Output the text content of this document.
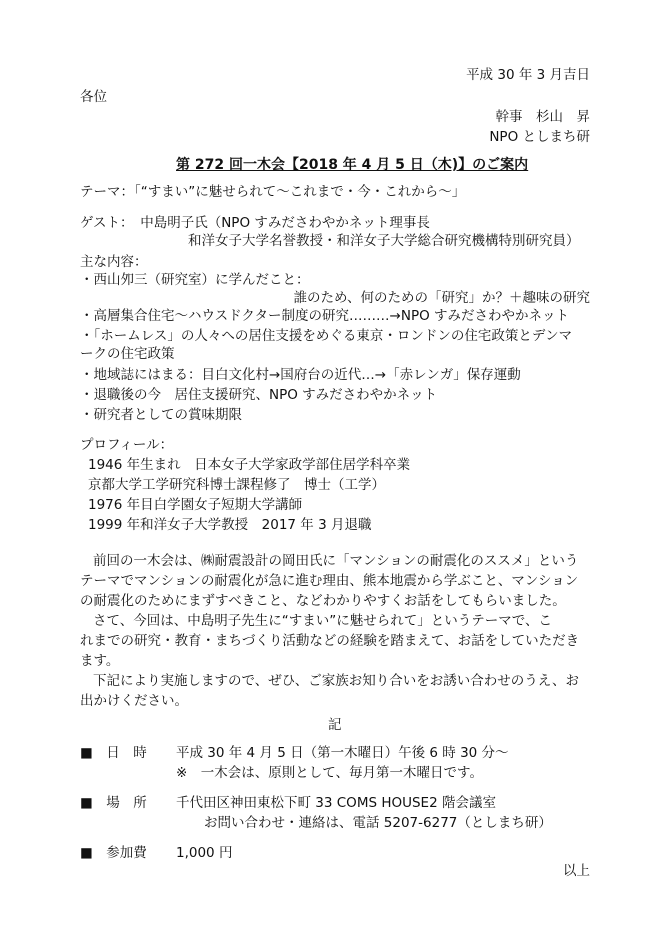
平成 30 年 3 月吉日
各位
幹事　杉山　昇
NPO としまち研
第 272 回一木会【2018 年 4 月 5 日（木)】のご案内
テーマ：「“すまい”に魅せられて〜これまで・今・これから〜」
ゲスト：　中島明子氏（NPO すみださわやかネット理事長
和洋女子大学名誉教授・和洋女子大学総合研究機構特別研究員）
主な内容：
・西山夘三（研究室）に学んだこと：
誰のため、何のための「研究」か？＋趣味の研究
・高層集合住宅〜ハウスドクター制度の研究………→NPO すみださわやかネット
・「ホームレス」の人々への居住支援をめぐる東京・ロンドンの住宅政策とデンマ
ークの住宅政策
・地域誌にはまる：目白文化村→国府台の近代…→「赤レンガ」保存運動
・退職後の今　居住支援研究、NPO すみださわやかネット
・研究者としての賞味期限
プロフィール：
1946 年生まれ　日本女子大学家政学部住居学科卒業
京都大学工学研究科博士課程修了　博士（工学）
1976 年目白学園女子短期大学講師
1999 年和洋女子大学教授　2017 年 3 月退職
前回の一木会は、㈱耐震設計の岡田氏に「マンションの耐震化のススメ」という
テーマでマンションの耐震化が急に進む理由、熊本地震から学ぶこと、マンション
の耐震化のためにまずすべきこと、などわかりやすくお話をしてもらいました。
さて、今回は、中島明子先生に“すまい”に魅せられて」というテーマで、こ
れまでの研究・教育・まちづくり活動などの経験を踏まえて、お話をしていただき
ます。
下記により実施しますので、ぜひ、ご家族お知り合いをお誘い合わせのうえ、お
出かけください。
記
■　日　時 平成 30 年 4 月 5 日（第一木曜日）午後 6 時 30 分〜
※　一木会は、原則として、毎月第一木曜日です。
■　場　所 千代田区神田東松下町 33 COMS HOUSE2 階会議室
お問い合わせ・連絡は、電話 5207-6277（としまち研）
■　参加費 1,000 円
以上
